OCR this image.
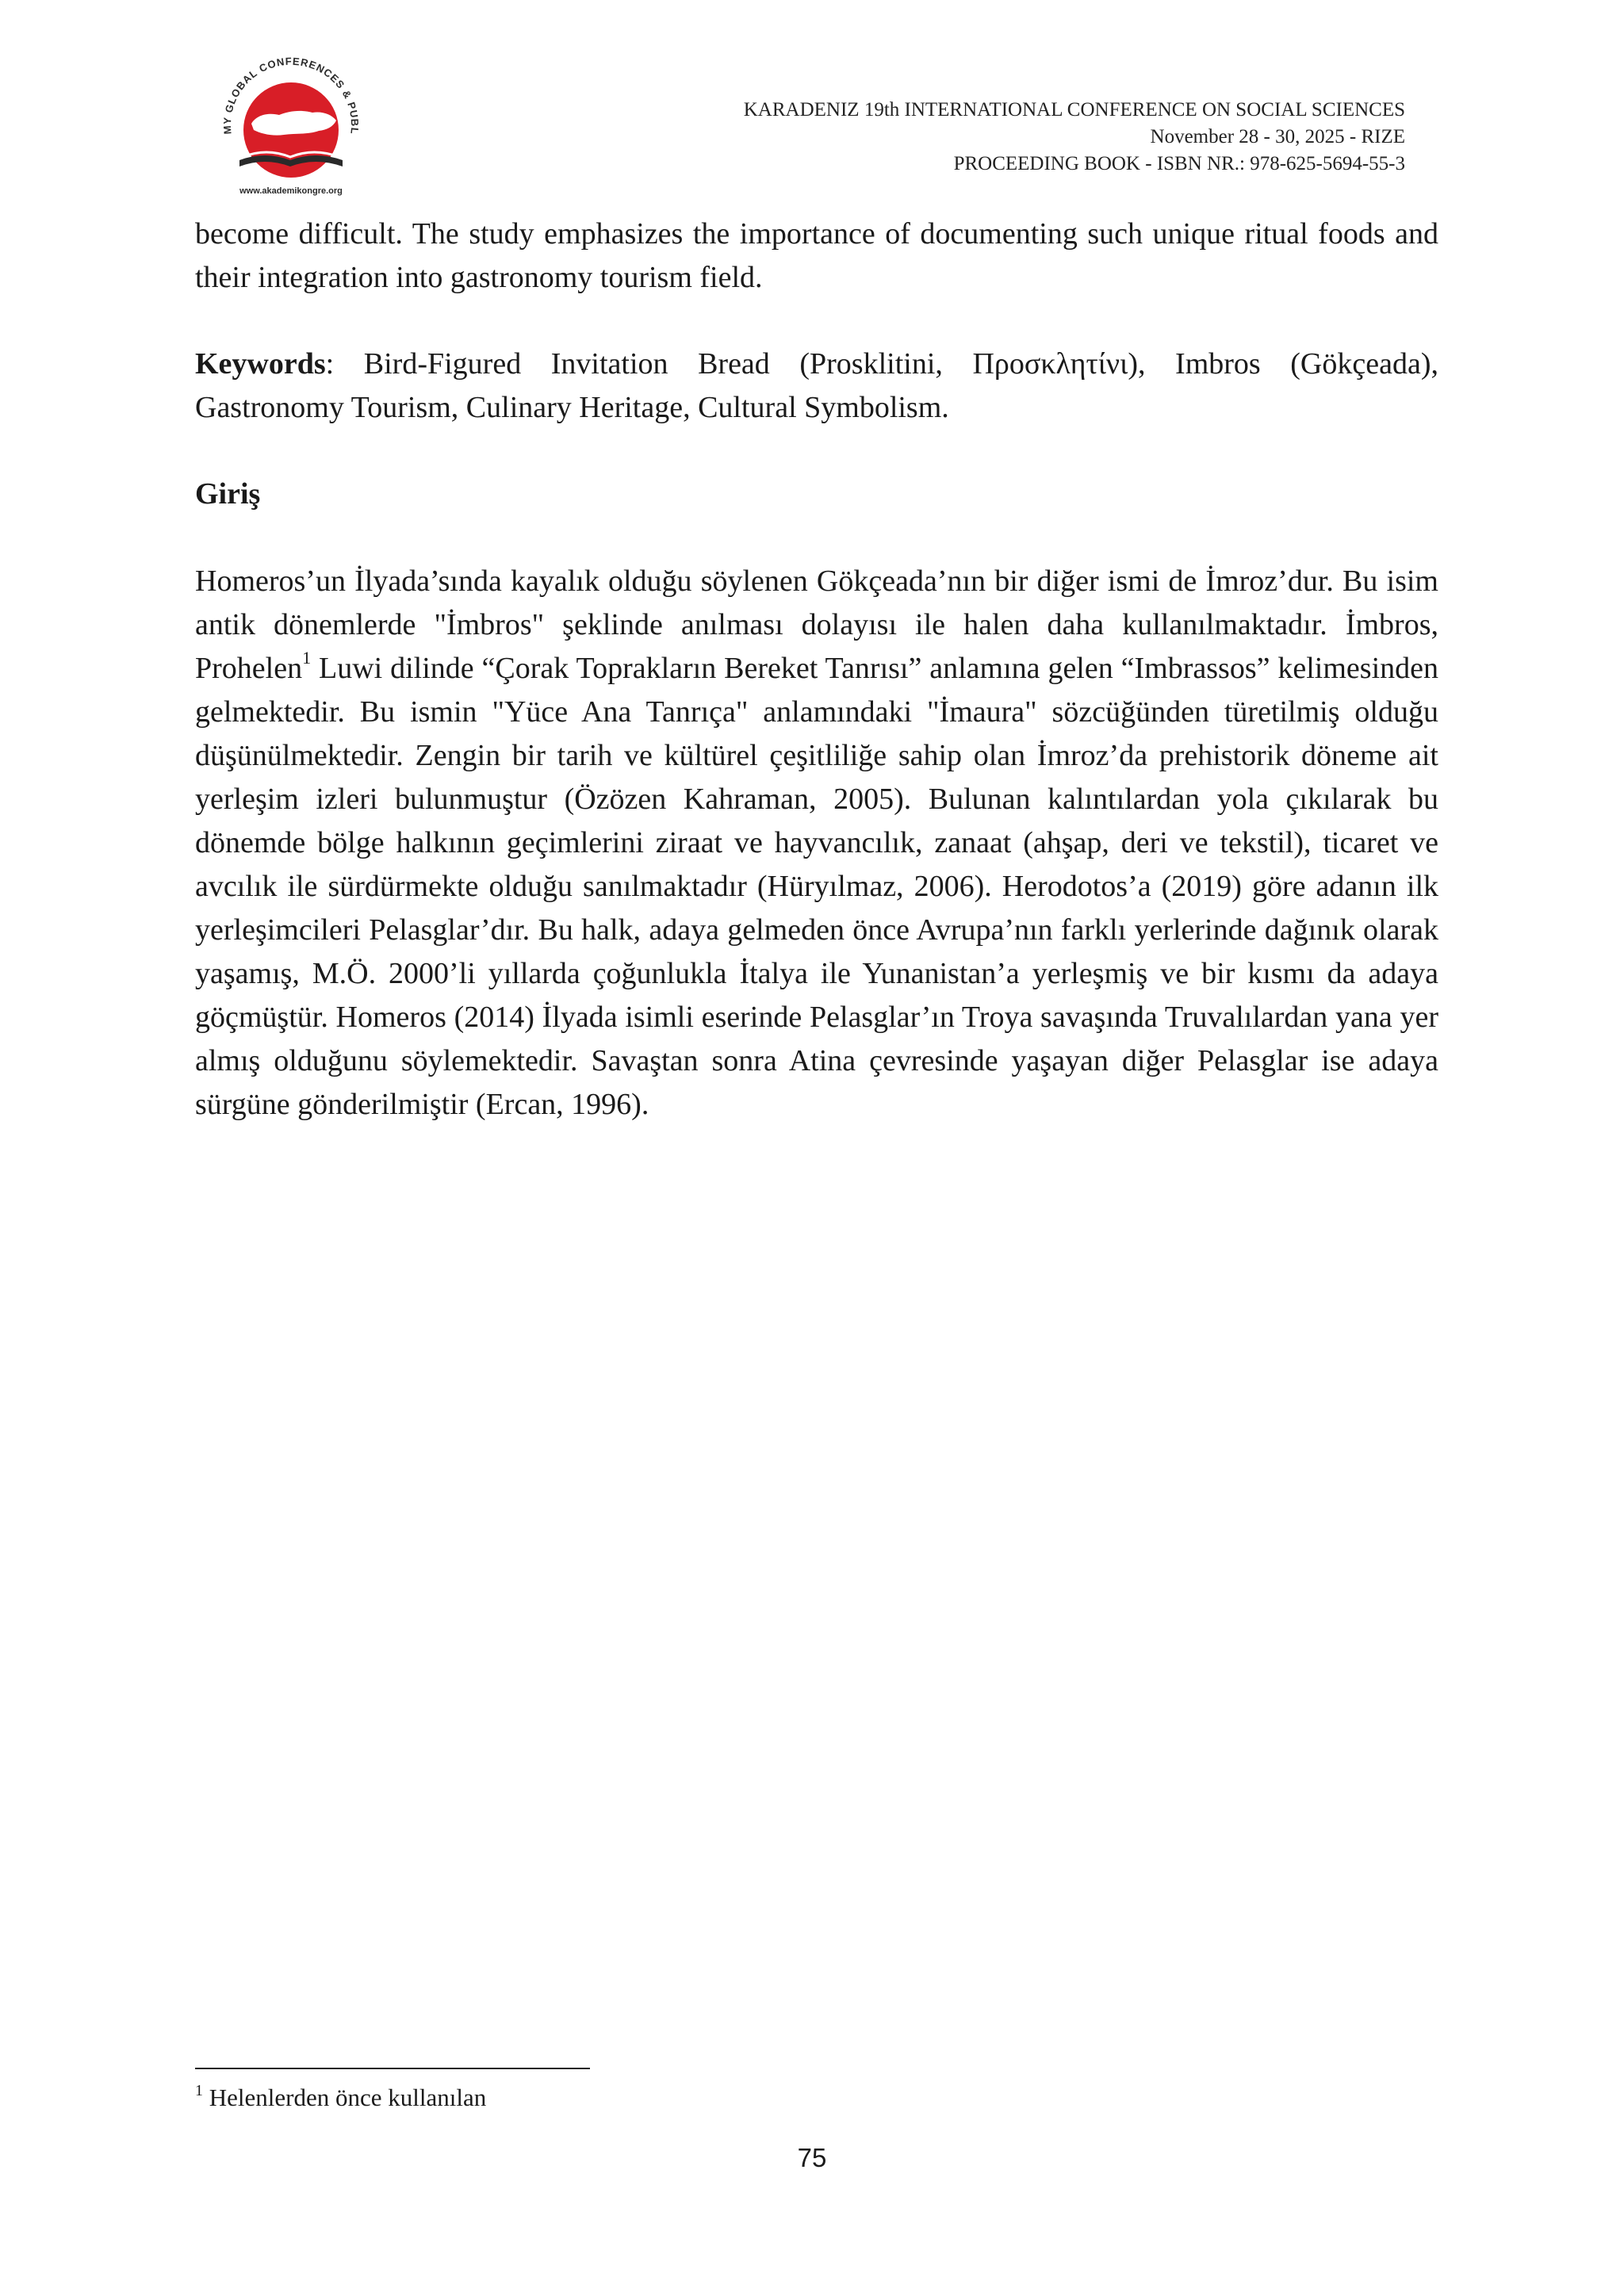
MY GLOBAL CONFERENCES & PUBL
www.akademikongre.org
KARADENIZ 19th INTERNATIONAL CONFERENCE ON SOCIAL SCIENCES
November 28 - 30, 2025 - RIZE
PROCEEDING BOOK - ISBN NR.: 978-625-5694-55-3

become difficult. The study emphasizes the importance of documenting such unique ritual foods and their integration into gastronomy tourism field.

Keywords: Bird-Figured Invitation Bread (Prosklitini, Προσκλητίνι), Imbros (Gökçeada), Gastronomy Tourism, Culinary Heritage, Cultural Symbolism.

Giriş

Homeros’un İlyada’sında kayalık olduğu söylenen Gökçeada’nın bir diğer ismi de İmroz’dur. Bu isim antik dönemlerde "İmbros" şeklinde anılması dolayısı ile halen daha kullanılmaktadır. İmbros, Prohelen$^1$ Luwi dilinde “Çorak Toprakların Bereket Tanrısı” anlamına gelen “Imbrassos” kelimesinden gelmektedir. Bu ismin "Yüce Ana Tanrıça" anlamındaki "İmaura" sözcüğünden türetilmiş olduğu düşünülmektedir. Zengin bir tarih ve kültürel çeşitliliğe sahip olan İmroz’da prehistorik döneme ait yerleşim izleri bulunmuştur (Özözen Kahraman, 2005). Bulunan kalıntılardan yola çıkılarak bu dönemde bölge halkının geçimlerini ziraat ve hayvancılık, zanaat (ahşap, deri ve tekstil), ticaret ve avcılık ile sürdürmekte olduğu sanılmaktadır (Hüryılmaz, 2006). Herodotos’a (2019) göre adanın ilk yerleşimcileri Pelasglar’dır. Bu halk, adaya gelmeden önce Avrupa’nın farklı yerlerinde dağınık olarak yaşamış, M.Ö. 2000’li yıllarda çoğunlukla İtalya ile Yunanistan’a yerleşmiş ve bir kısmı da adaya göçmüştür. Homeros (2014) İlyada isimli eserinde Pelasglar’ın Troya savaşında Truvalılardan yana yer almış olduğunu söylemektedir. Savaştan sonra Atina çevresinde yaşayan diğer Pelasglar ise adaya sürgüne gönderilmiştir (Ercan, 1996).

$^1$ Helenlerden önce kullanılan
75
